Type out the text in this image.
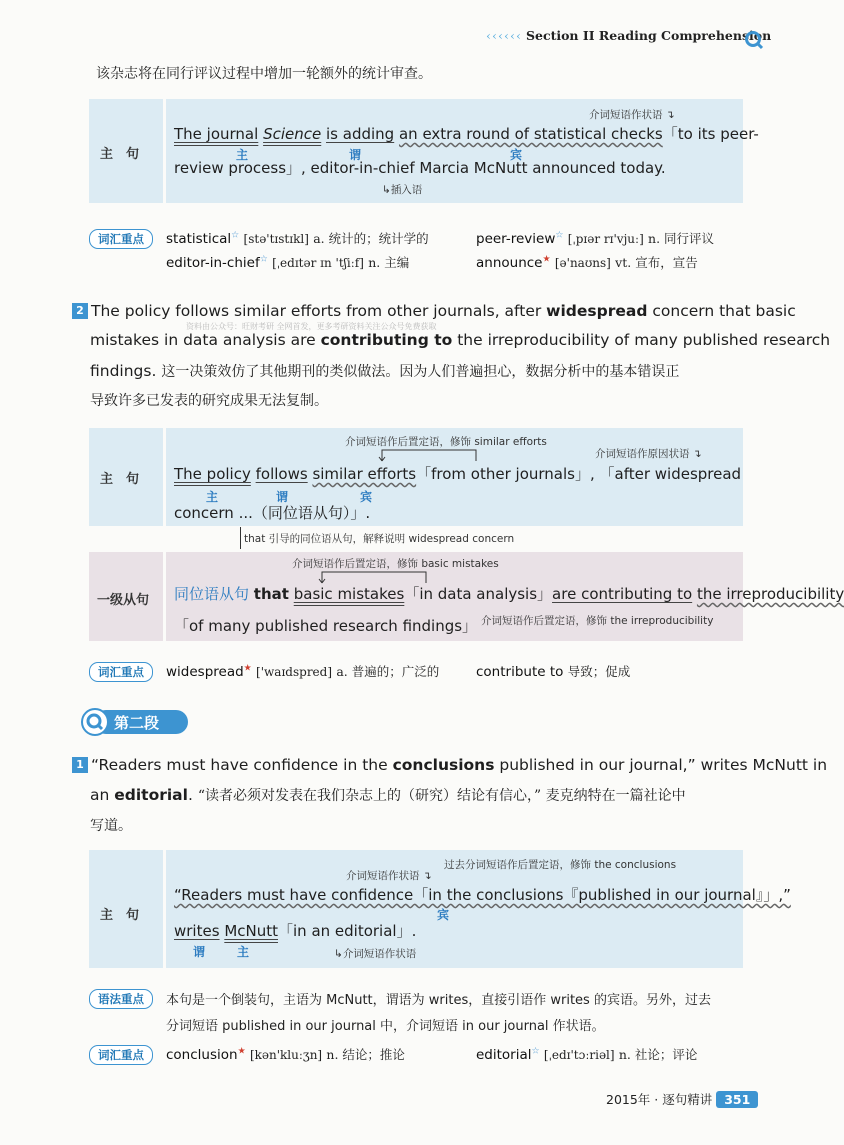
‹‹‹‹‹‹ Section II Reading Comprehension
该杂志将在同行评议过程中增加一轮额外的统计审查。
主　句
介词短语作状语 ↴
The journal Science is adding an extra round of statistical checks「to its peer-
主	谓	宾
review process」, editor-in-chief Marcia McNutt announced today.
↳插入语
词汇重点	statistical☆ [stə'tɪstɪkl] a. 统计的；统计学的	peer-review☆ [ˌpɪər rɪ'vjuː] n. 同行评议
editor-in-chief☆ [ˌedɪtər ɪn 'tʃiːf] n. 主编	announce★ [ə'naʊns] vt. 宣布，宣告
2 The policy follows similar efforts from other journals, after widespread concern that basic
资料由公众号：旺财考研 全网首发，更多考研资料关注公众号免费获取
mistakes in data analysis are contributing to the irreproducibility of many published research
findings. 这一决策效仿了其他期刊的类似做法。因为人们普遍担心，数据分析中的基本错误正
导致许多已发表的研究成果无法复制。
主　句
介词短语作后置定语，修饰 similar efforts
介词短语作原因状语 ↴
The policy follows similar efforts「from other journals」, 「after widespread
主	谓	宾
concern ...（同位语从句）」.
that 引导的同位语从句，解释说明 widespread concern
一级从句
介词短语作后置定语，修饰 basic mistakes
同位语从句 that basic mistakes「in data analysis」are contributing to the irreproducibility
「of many published research findings」 介词短语作后置定语，修饰 the irreproducibility
词汇重点	widespread★ ['waɪdspred] a. 普遍的；广泛的	contribute to 导致；促成
第二段
1 “Readers must have confidence in the conclusions published in our journal,” writes McNutt in
an editorial. “读者必须对发表在我们杂志上的（研究）结论有信心，” 麦克纳特在一篇社论中
写道。
主　句
过去分词短语作后置定语，修饰 the conclusions
介词短语作状语 ↴
“Readers must have confidence「in the conclusions『published in our journal』」,”
宾
writes McNutt「in an editorial」.
谓	主	↳介词短语作状语
语法重点	本句是一个倒装句，主语为 McNutt，谓语为 writes，直接引语作 writes 的宾语。另外，过去
分词短语 published in our journal 中，介词短语 in our journal 作状语。
词汇重点	conclusion★ [kən'kluːʒn] n. 结论；推论	editorial☆ [ˌedɪ'tɔːriəl] n. 社论；评论
2015年 · 逐句精讲 351
